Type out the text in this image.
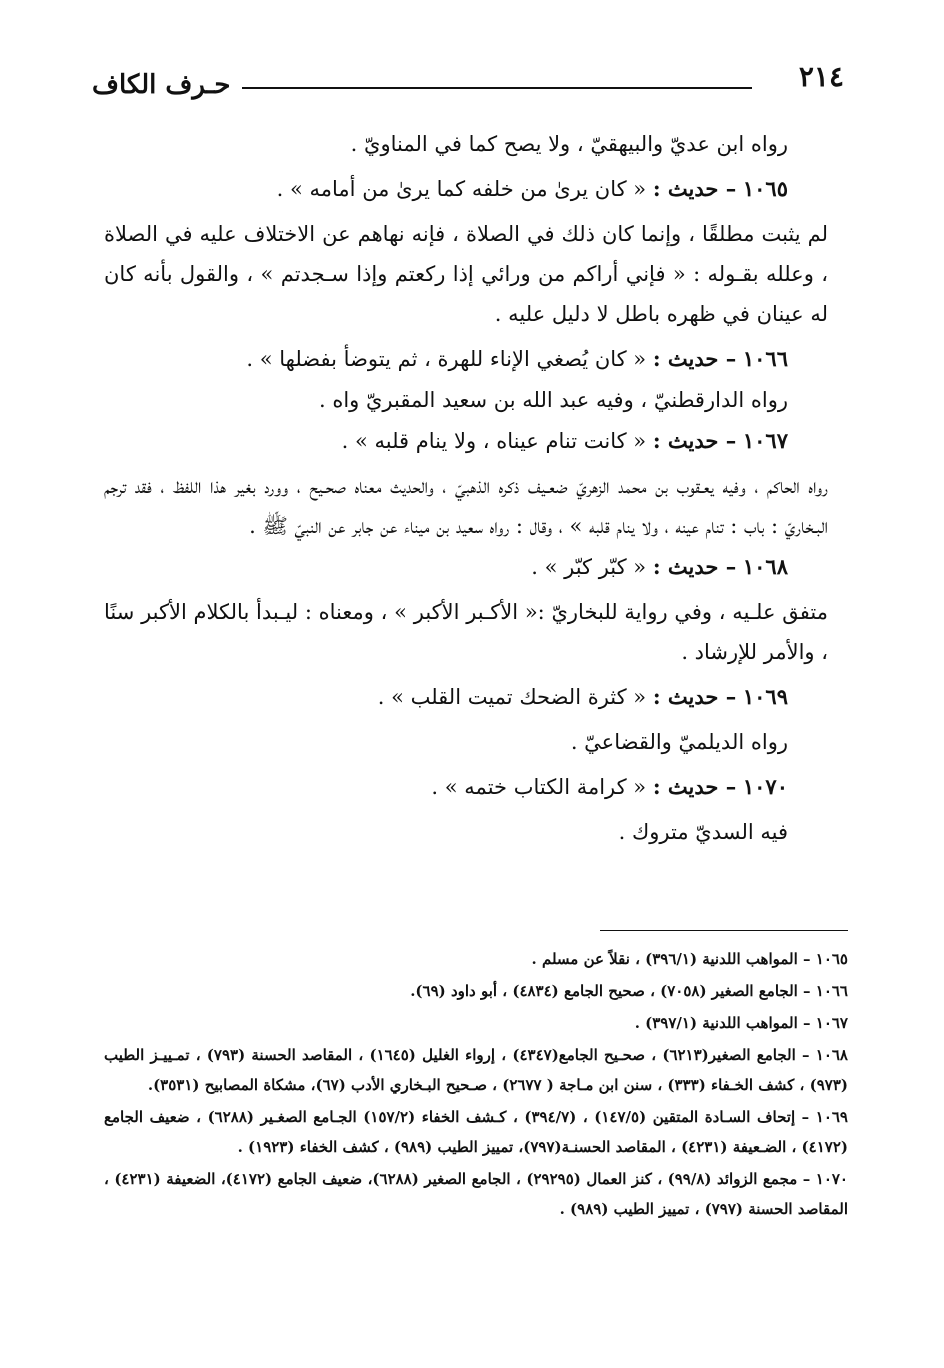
٢١٤
حـرف الكاف

رواه ابن عديّ والبيهقيّ ، ولا يصح كما في المناويّ .

١٠٦٥ – حديث : « كان يرىٰ من خلفه كما يرىٰ من أمامه » .

لم يثبت مطلقًا ، وإنما كان ذلك في الصلاة ، فإنه نهاهم عن الاختلاف عليه في الصلاة ، وعلله بقـوله : « فإني أراكم من ورائي إذا ركعتم وإذا سـجدتم » ، والقول بأنه كان له عينان في ظهره باطل لا دليل عليه .

١٠٦٦ – حديث : « كان يُصغي الإناء للهرة ، ثم يتوضأ بفضلها » .

رواه الدارقطنيّ ، وفيه عبد الله بن سعيد المقبريّ واه .

١٠٦٧ – حديث : « كانت تنام عيناه ، ولا ينام قلبه » .

رواه الحاكم ، وفيه يعـقوب بن محمد الزهريّ ضعـيف ذكره الذهبيّ ، والحديث معناه صحـيح ، وورد بغير هذا اللفظ ، فقد ترجم البـخاريّ : باب : تنام عينه ، ولا ينام قلبه » ، وقال : رواه سعيد بن ميناء عن جابر عن النبيّ ﷺ .

١٠٦٨ – حديث : « كبّر كبّر » .

متفق علـيه ، وفي رواية للبخاريّ :« الأكـبر الأكبر » ، ومعناه : ليـبدأ بالكلام الأكبر سنًا ، والأمر للإرشاد .

١٠٦٩ – حديث : « كثرة الضحك تميت القلب » .

رواه الديلميّ والقضاعيّ .

١٠٧٠ – حديث : « كرامة الكتاب ختمه » .

فيه السديّ متروك .

١٠٦٥ – المواهب اللدنية (٣٩٦/١) ، نقلاً عن مسلم .

١٠٦٦ – الجامع الصغير (٧٠٥٨) ، صحيح الجامع (٤٨٣٤) ، أبو داود (٦٩).

١٠٦٧ – المواهب اللدنية (٣٩٧/١) .

١٠٦٨ – الجامع الصغير(٦٢١٣) ، صحـيح الجامع(٤٣٤٧) ، إرواء الغليل (١٦٤٥) ، المقاصد الحسنة (٧٩٣) ، تمـييـز الطيب (٩٧٣) ، كشف الخـفاء (٣٣٣) ، سنن ابن مـاجة ( ٢٦٧٧) ، صـحيح البـخاري الأدب (٦٧)، مشكاة المصابيح (٣٥٣١).

١٠٦٩ – إتحاف السـادة المتقين (١٤٧/٥) ، (٣٩٤/٧) ، كـشف الخفاء (١٥٧/٢) الجـامع الصغـير (٦٢٨٨) ، ضعيف الجامع (٤١٧٢) ، الضـعيفة (٤٢٣١) ، المقاصد الحسنـة(٧٩٧)، تمييز الطيب (٩٨٩) ، كشف الخفاء (١٩٢٣) .

١٠٧٠ – مجمع الزوائد (٩٩/٨) ، كنز العمال (٢٩٢٩٥) ، الجامع الصغير (٦٢٨٨)، ضعيف الجامع (٤١٧٢)، الضعيفة (٤٢٣١) ، المقاصد الحسنة (٧٩٧) ، تمييز الطيب (٩٨٩) .
